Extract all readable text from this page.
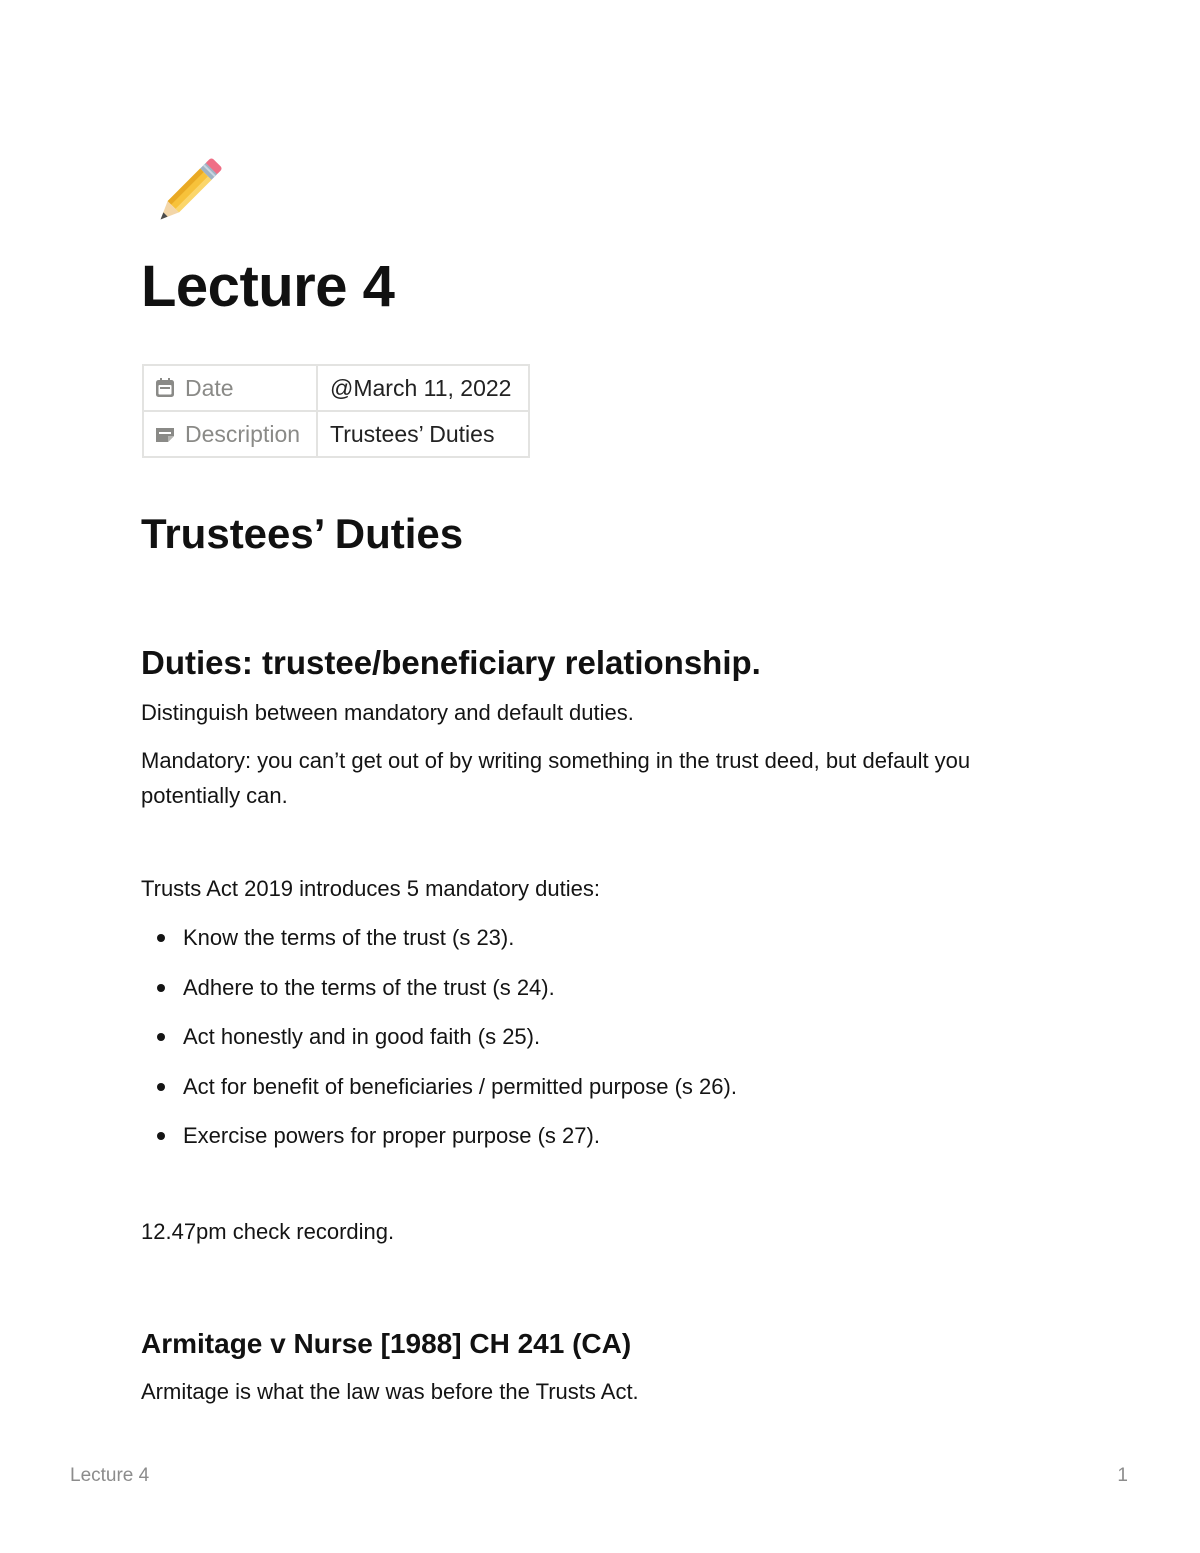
Lecture 4
Date	@March 11, 2022
Description	Trustees’ Duties
Trustees’ Duties
Duties: trustee/beneficiary relationship.

Distinguish between mandatory and default duties.

Mandatory: you can’t get out of by writing something in the trust deed, but default you
potentially can.

Trusts Act 2019 introduces 5 mandatory duties:

Know the terms of the trust (s 23).
Adhere to the terms of the trust (s 24).
Act honestly and in good faith (s 25).
Act for benefit of beneficiaries / permitted purpose (s 26).
Exercise powers for proper purpose (s 27).

12.47pm check recording.

Armitage v Nurse [1988] CH 241 (CA)

Armitage is what the law was before the Trusts Act.

Lecture 4	1
